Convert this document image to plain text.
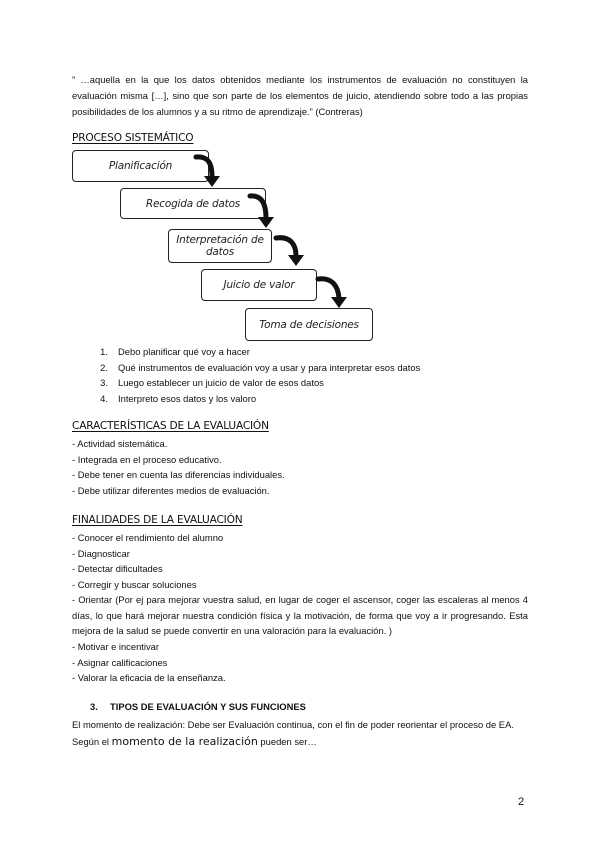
” …aquella en la que los datos obtenidos mediante los instrumentos de evaluación no constituyen la evaluación misma […], sino que son parte de los elementos de juicio, atendiendo sobre todo a las propias posibilidades de los alumnos y a su ritmo de aprendizaje.” (Contreras)
PROCESO SISTEMÁTICO
Planificación
Recogida de datos
Interpretación de datos
Juicio de valor
Toma de decisiones
1. Debo planificar qué voy a hacer
2. Qué instrumentos de evaluación voy a usar y para interpretar esos datos
3. Luego establecer un juicio de valor de esos datos
4. Interpreto esos datos y los valoro
CARACTERÍSTICAS DE LA EVALUACIÓN
- Actividad sistemática.
- Integrada en el proceso educativo.
- Debe tener en cuenta las diferencias individuales.
- Debe utilizar diferentes medios de evaluación.
FINALIDADES DE LA EVALUACIÓN
- Conocer el rendimiento del alumno
- Diagnosticar
- Detectar dificultades
- Corregir y buscar soluciones
- Orientar (Por ej para mejorar vuestra salud, en lugar de coger el ascensor, coger las escaleras al menos 4 días, lo que hará mejorar nuestra condición física y la motivación, de forma que voy a ir progresando. Esta mejora de la salud se puede convertir en una valoración para la evaluación. )
- Motivar e incentivar
- Asignar calificaciones
- Valorar la eficacia de la enseñanza.
3. TIPOS DE EVALUACIÓN Y SUS FUNCIONES
El momento de realización: Debe ser Evaluación continua, con el fin de poder reorientar el proceso de EA. Según el momento de la realización pueden ser…
2
